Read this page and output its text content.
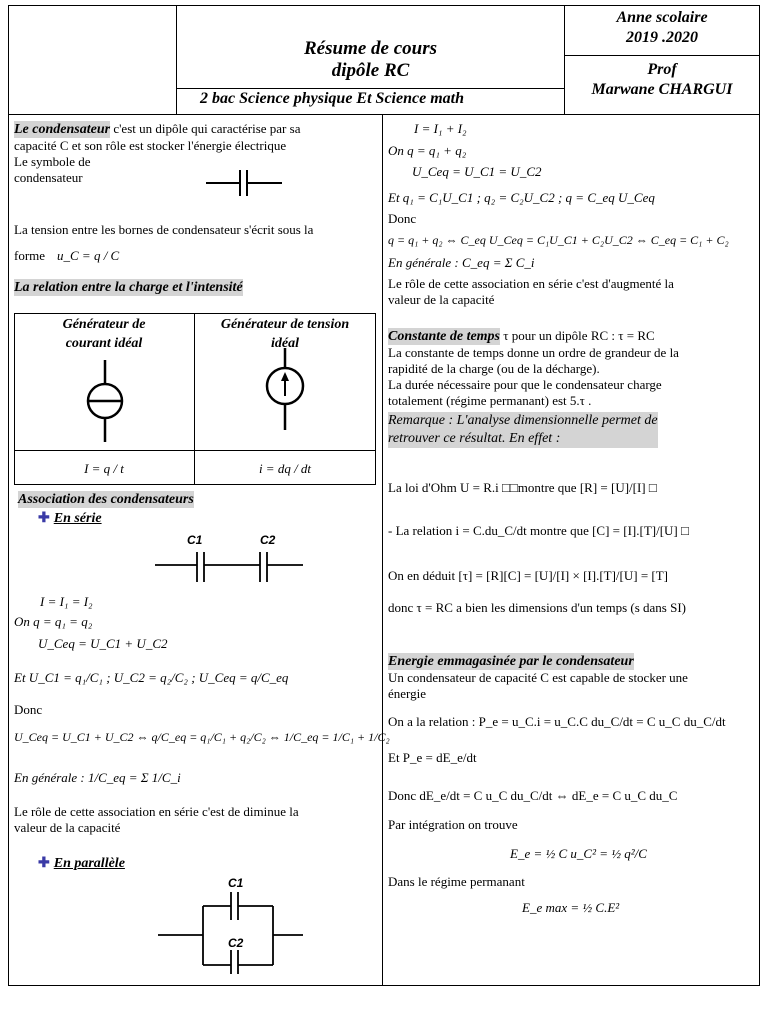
Résume de cours
dipôle RC
2 bac Science physique Et Science math
Anne scolaire
2019 .2020
Prof
Marwane CHARGUI
Le condensateur c'est un dipôle qui caractérise par sa
capacité C et son rôle est stocker l'énergie électrique
Le symbole de
condensateur
La tension entre les bornes de condensateur s'écrit sous la
forme u_C = q / C
La relation entre la charge et l'intensité
Générateur de
courant idéal
Générateur de tension
idéal
I = q / t	i = dq / dt
Association des condensateurs
✚ En série
C1	C2
I = I₁ = I₂
On q = q₁ = q₂
U_Ceq = U_C1 + U_C2
Et U_C1 = q₁/C₁ ; U_C2 = q₂/C₂ ; U_Ceq = q/C_eq
Donc
U_Ceq = U_C1 + U_C2 ⇔ q/C_eq = q₁/C₁ + q₂/C₂ ⇔ 1/C_eq = 1/C₁ + 1/C₂
En générale : 1/C_eq = Σ 1/C_i
Le rôle de cette association en série c'est de diminue la
valeur de la capacité
✚ En parallèle
C1
C2
I = I₁ + I₂
On q = q₁ + q₂
U_Ceq = U_C1 = U_C2
Et q₁ = C₁U_C1 ; q₂ = C₂U_C2 ; q = C_eq U_Ceq
Donc
q = q₁ + q₂ ⇔ C_eq U_Ceq = C₁U_C1 + C₂U_C2 ⇔ C_eq = C₁ + C₂
En générale : C_eq = Σ C_i
Le rôle de cette association en série c'est d'augmenté la
valeur de la capacité
Constante de temps τ pour un dipôle RC : τ = RC
La constante de temps donne un ordre de grandeur de la
rapidité de la charge (ou de la décharge).
La durée nécessaire pour que le condensateur charge
totalement (régime permanant) est 5.τ .
Remarque : L'analyse dimensionnelle permet de
retrouver ce résultat. En effet :
La loi d'Ohm U = R.i □□montre que [R] = [U]/[I] □
- La relation i = C.du_C/dt montre que [C] = [I].[T]/[U] □
On en déduit [τ] = [R][C] = [U]/[I] × [I].[T]/[U] = [T]
donc τ = RC a bien les dimensions d'un temps (s dans SI)
Energie emmagasinée par le condensateur
Un condensateur de capacité C est capable de stocker une
énergie
On a la relation : P_e = u_C.i = u_C.C du_C/dt = C u_C du_C/dt
Et P_e = dE_e/dt
Donc dE_e/dt = C u_C du_C/dt ⇔ dE_e = C u_C du_C
Par intégration on trouve
E_e = ½ C u_C² = ½ q²/C
Dans le régime permanant
E_e max = ½ C.E²
